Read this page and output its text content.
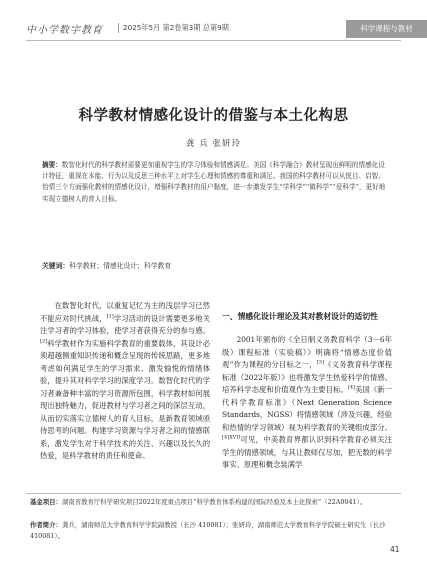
中小学数字教育	2025年5月 第2卷第3期 总第9期	科学课程与教材
科学教材情感化设计的借鉴与本土化构思
龚 兵 张妍玲
摘要：数智化时代的科学教材需要更加重视学生的学习体验和情感满足。美国《科学融合》教材呈现出鲜明的情感化设计特征，重视在本能、行为以及反思三种水平上对学生心理和情感的尊重和满足。我国的科学教材可以从悦目、启智、怡情三个方面强化教材的情感化设计，增强科学教材的用户黏度，进一步激发学生“学科学”“做科学”“爱科学”，更好地实现立德树人的育人目标。
关键词：科学教材；情感化设计；科学教育

在数智化时代，以重复记忆为主的浅层学习已然不能应对时代挑战，[1]学习活动的设计需要更多地关注学习者的学习体验，使学习者获得充分的参与感。[2]科学教材作为实施科学教育的重要载体，其设计必须超越侧重知识传递和概念呈现的传统思路，更多地考虑如何满足学生的学习需求、激发愉悦的情绪体验，提升其对科学学习的深度学习。数智化时代的学习者兼备种丰富的学习资源所包围，科学教材如何展现出独特魅力，促进教材与学习者之间的深层互动，从而切实落实立德树人的育人目标，是新教育领域亟待思考的问题。构建学习资源与学习者之间的情感联系，激发学生对于科学技术的关注、兴趣以及长久的热爱，是科学教材的责任和使命。

一、情感化设计理论及其对教材设计的适切性

2001年颁布的《全日制义务教育科学（3－6年级）课程标准（实验稿）》明确将“情感态度价值观”作为课程的分目标之一，[3]《义务教育科学课程标准（2022年版）》也将激发学生热爱科学的情感、培养科学态度和价值观作为主要目标。[4]美国《新一代科学教育标准》（Next Generation Science Standards，NGSS）将情感领域（涉及兴趣、经验和热情的学习领域）视为科学教育的关键组成部分。$^{[4]XVII}$可见，中美教育界都认识到科学教育必须关注学生的情感领域，与其让教师仅尽加，把无数的科学事实、原理和概念装满学

基金项目：湖南省教育厅科学研究项目2022年度重点项目“科学教育体系构建的国际经验及本土化探索”（22A0041）。
作者简介：龚兵，湖南师范大学教育科学学院副教授（长沙 410081）；张妍玲，湖南师范大学教育科学学院硕士研究生（长沙 410081）。
41
